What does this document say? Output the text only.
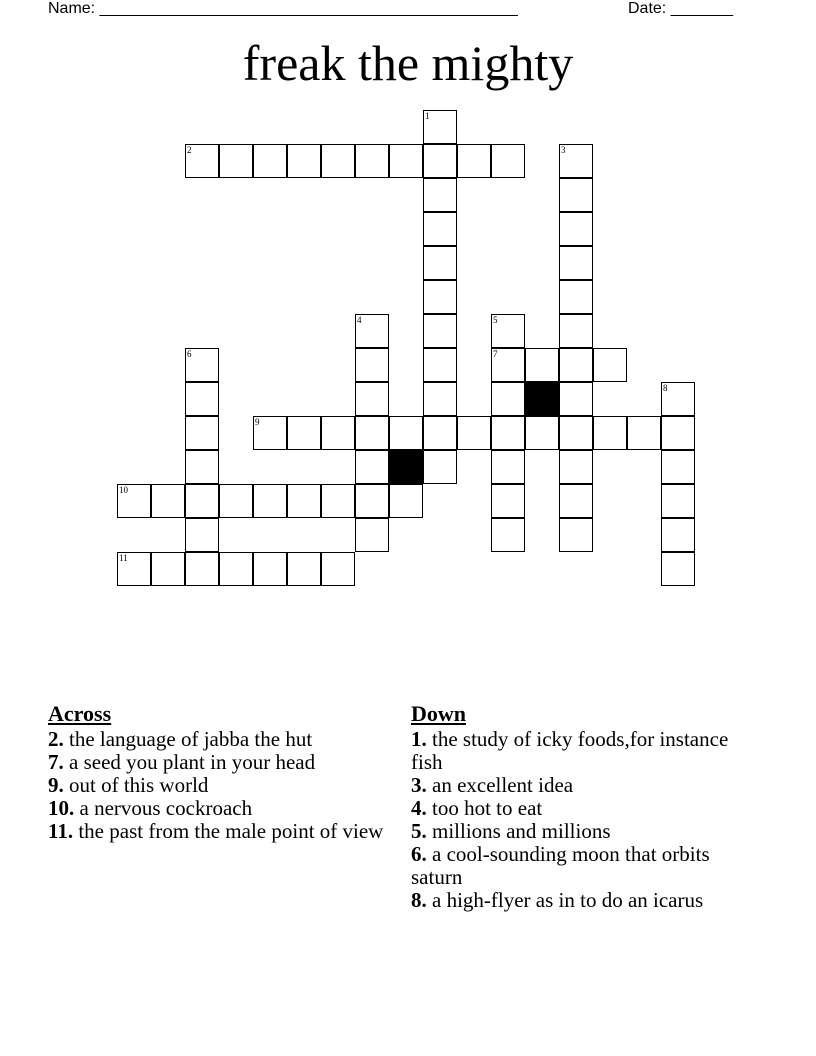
Name: _______________________________________________	Date: _______
freak the mighty
1
2	3
4	5
6	7
8
9
10
11
Across
2. the language of jabba the hut
7. a seed you plant in your head
9. out of this world
10. a nervous cockroach
11. the past from the male point of view
Down
1. the study of icky foods,for instance fish
3. an excellent idea
4. too hot to eat
5. millions and millions
6. a cool-sounding moon that orbits saturn
8. a high-flyer as in to do an icarus
